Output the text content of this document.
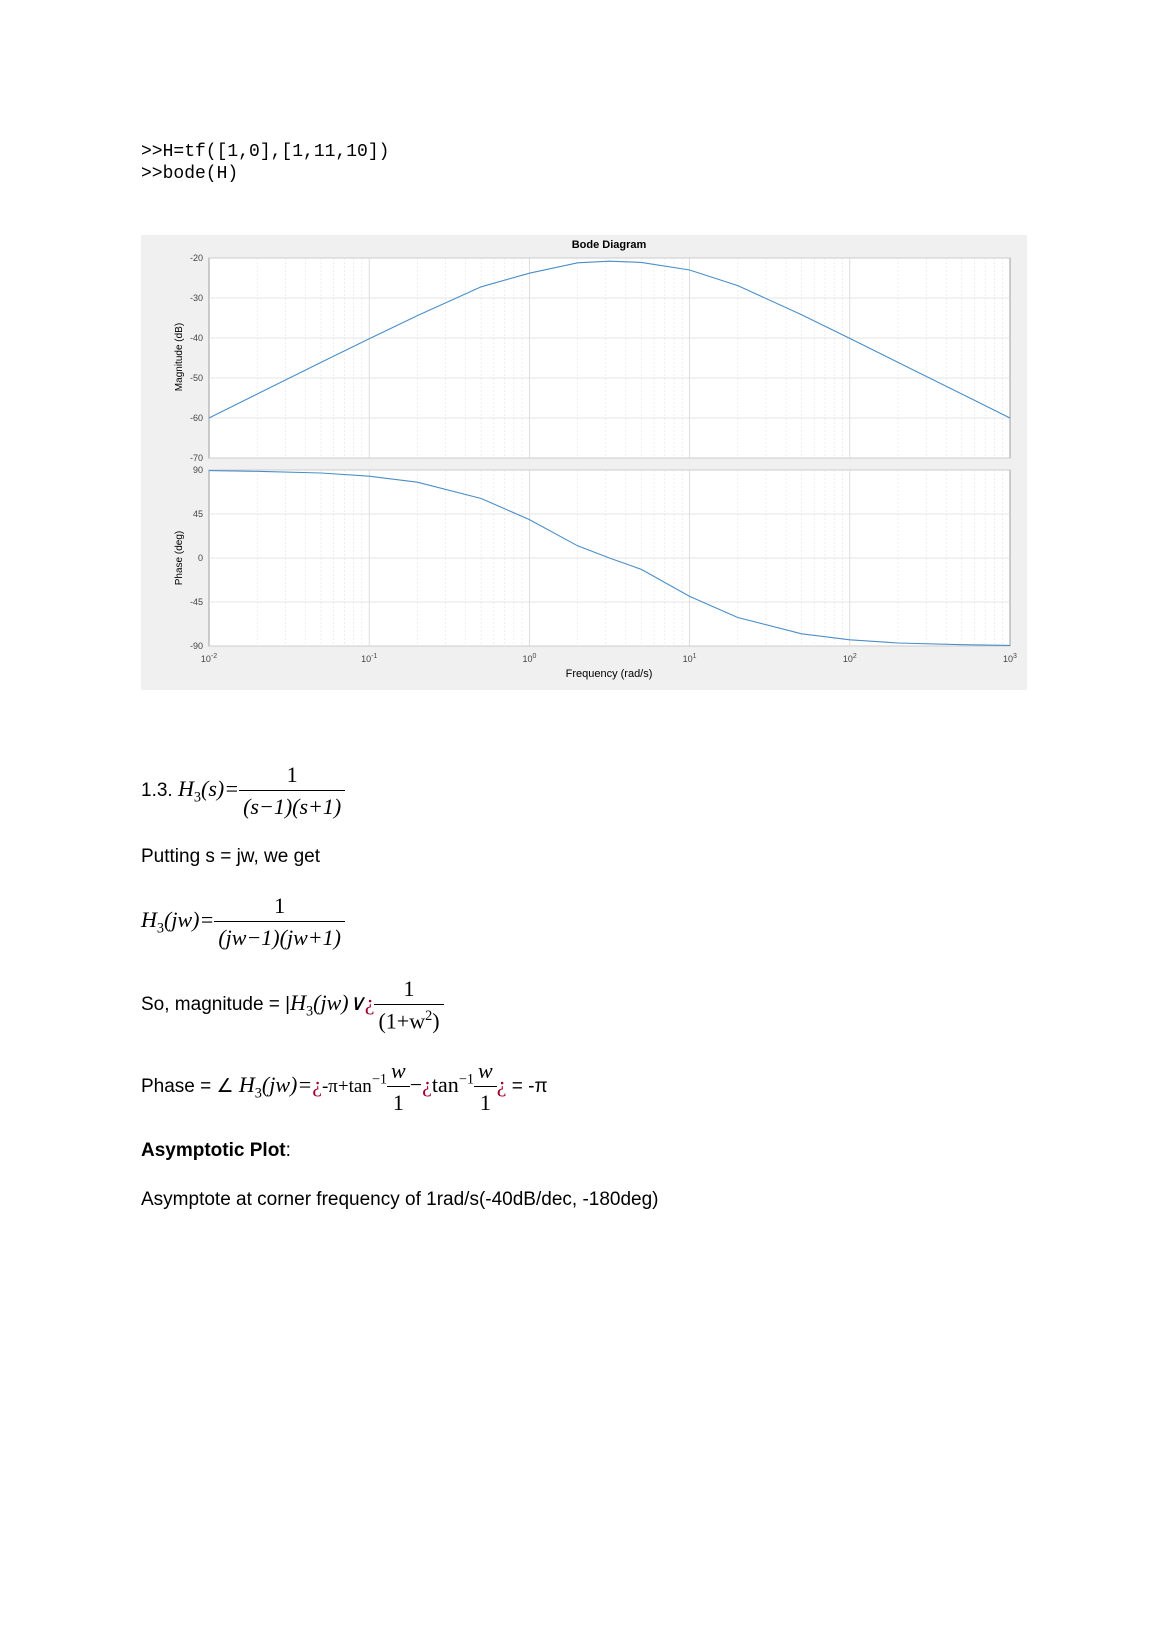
>>H=tf([1,0],[1,11,10])
>>bode(H)
Bode Diagram
Magnitude (dB)
Phase (deg)
Frequency (rad/s)
-20
-30
-40
-50
-60
-70
90
45
0
-45
-90
$10^{-2}$	$10^{-1}$	$10^0$	$10^1$	$10^2$	$10^3$
1.3. $H_3(s)= \frac{1}{(s-1)(s+1)}$
Putting s = jw, we get
$H_3(jw)= \frac{1}{(jw-1)(jw+1)}$
So, magnitude = $|H_3(jw)\vee¿ \frac{1}{(1+w^2)}$
Phase = ∠ $H_3(jw)=¿-\pi+\tan^{-1} \frac{w}{1}$ $-¿\tan^{-1} \frac{w}{1}$ ¿ = -π
Asymptotic Plot:
Asymptote at corner frequency of 1rad/s(-40dB/dec, -180deg)
